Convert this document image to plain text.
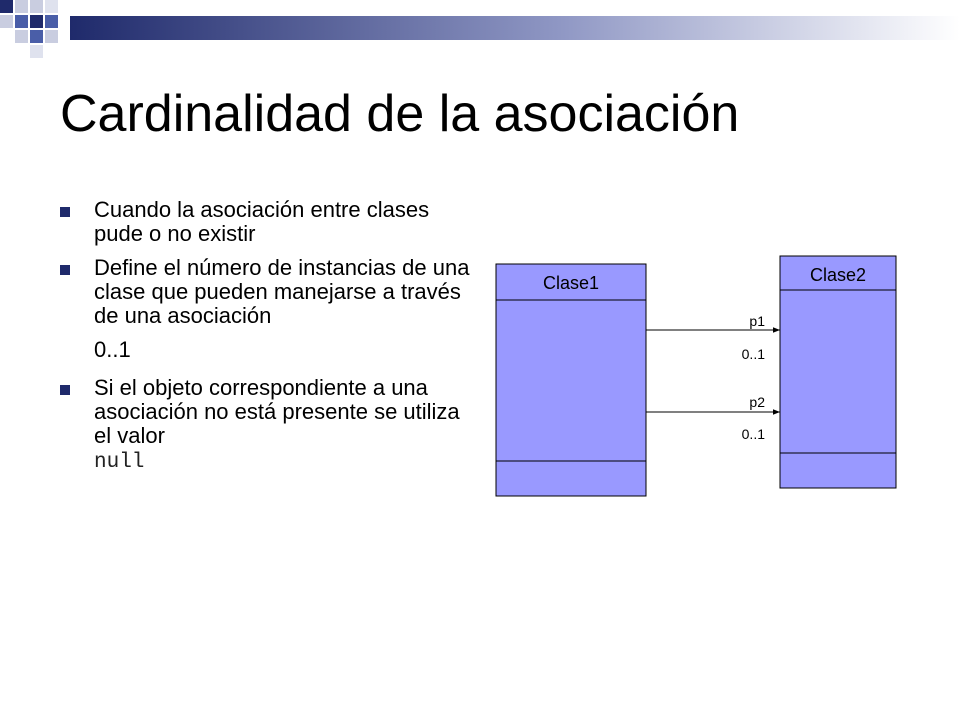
Cardinalidad de la asociación
Cuando la asociación entre clases pude o no existir
Define el número de instancias de una clase que pueden manejarse a través de una asociación
0..1
Si el objeto correspondiente a una asociación no está presente se utiliza el valor
null
Clase1	Clase2
p1
0..1
p2
0..1
